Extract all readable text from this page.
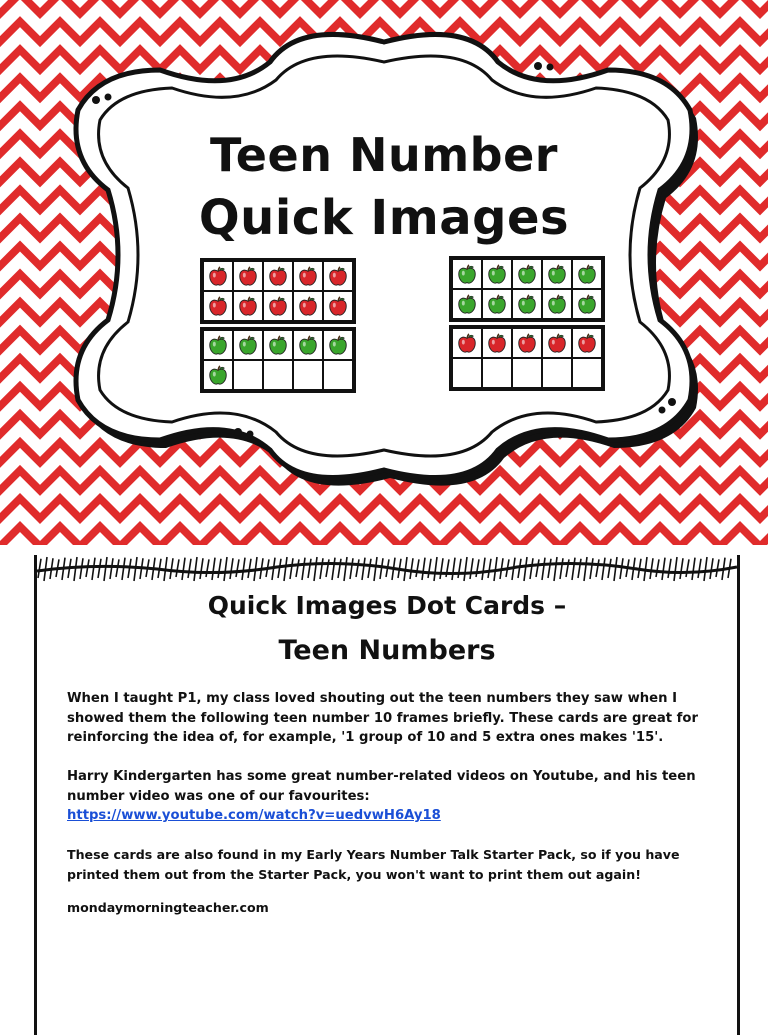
Teen Number
Quick Images
Quick Images Dot Cards –
Teen Numbers

When I taught P1, my class loved shouting out the teen numbers they saw when I showed them the following teen number 10 frames briefly. These cards are great for reinforcing the idea of, for example, '1 group of 10 and 5 extra ones makes '15'.

Harry Kindergarten has some great number-related videos on Youtube, and his teen number video was one of our favourites:

https://www.youtube.com/watch?v=uedvwH6Ay18

These cards are also found in my Early Years Number Talk Starter Pack, so if you have printed them out from the Starter Pack, you won't want to print them out again!

mondaymorningteacher.com
